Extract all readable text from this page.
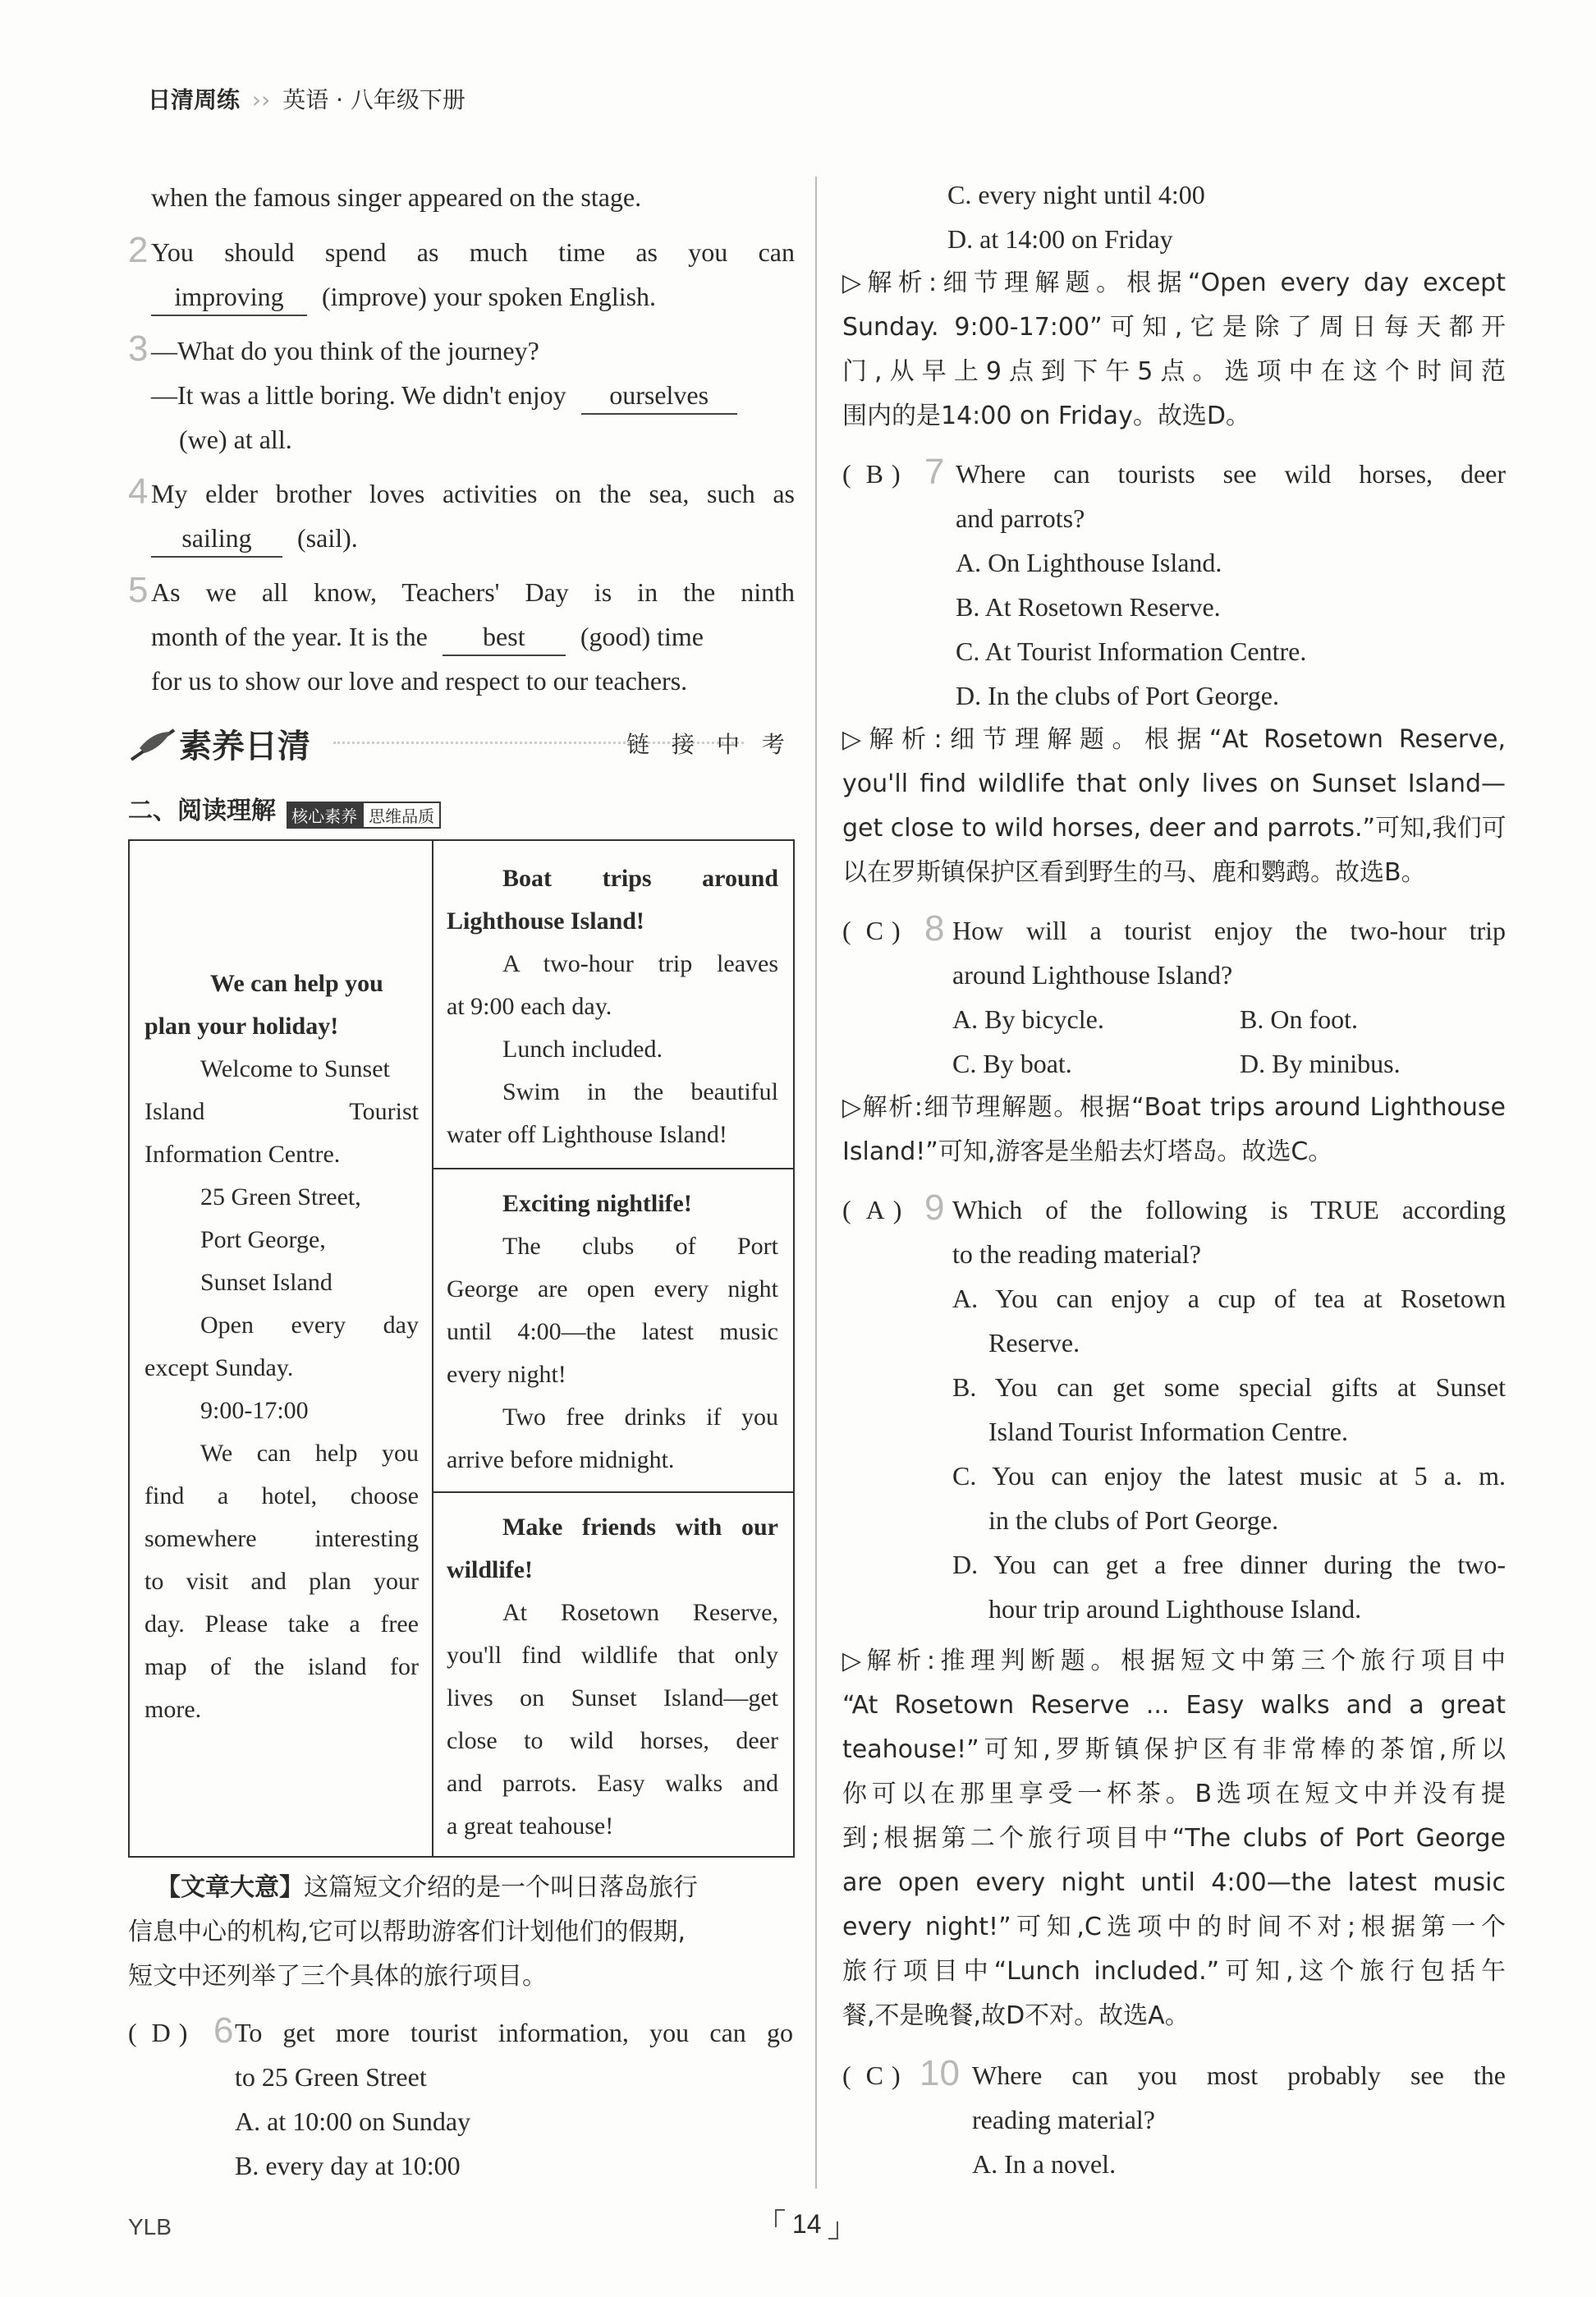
日清周练 ›› 英语 · 八年级下册
when the famous singer appeared on the stage.
2 You should spend as much time as you can
improving (improve) your spoken English.
3 —What do you think of the journey?
—It was a little boring. We didn't enjoy ourselves
(we) at all.
4 My elder brother loves activities on the sea, such as
sailing (sail).
5 As we all know, Teachers' Day is in the ninth
month of the year. It is the best (good) time
for us to show our love and respect to our teachers.
素养日清	链 接 中 考
二、阅读理解 核心素养 思维品质
We can help you
plan your holiday!
Welcome to Sunset
Island Tourist
Information Centre.
25 Green Street,
Port George,
Sunset Island
Open every day
except Sunday.
9:00-17:00
We can help you
find a hotel, choose
somewhere interesting
to visit and plan your
day. Please take a free
map of the island for
more.
Boat trips around
Lighthouse Island!
A two-hour trip leaves
at 9:00 each day.
Lunch included.
Swim in the beautiful
water off Lighthouse Island!
Exciting nightlife!
The clubs of Port
George are open every night
until 4:00—the latest music
every night!
Two free drinks if you
arrive before midnight.
Make friends with our
wildlife!
At Rosetown Reserve,
you'll find wildlife that only
lives on Sunset Island—get
close to wild horses, deer
and parrots. Easy walks and
a great teahouse!
【文章大意】这篇短文介绍的是一个叫日落岛旅行
信息中心的机构,它可以帮助游客们计划他们的假期,
短文中还列举了三个具体的旅行项目。
( D ) 6 To get more tourist information, you can go
to 25 Green Street
A. at 10:00 on Sunday
B. every day at 10:00
C. every night until 4:00
D. at 14:00 on Friday
▷解析:细节理解题。根据“Open every day except
Sunday. 9:00-17:00”可知,它是除了周日每天都开
门,从早上9点到下午5点。选项中在这个时间范
围内的是14:00 on Friday。故选D。
( B ) 7 Where can tourists see wild horses, deer
and parrots?
A. On Lighthouse Island.
B. At Rosetown Reserve.
C. At Tourist Information Centre.
D. In the clubs of Port George.
▷解析:细节理解题。根据“At Rosetown Reserve,
you'll find wildlife that only lives on Sunset Island—
get close to wild horses, deer and parrots.”可知,我们可
以在罗斯镇保护区看到野生的马、鹿和鹦鹉。故选B。
( C ) 8 How will a tourist enjoy the two-hour trip
around Lighthouse Island?
A. By bicycle.	B. On foot.
C. By boat.	D. By minibus.
▷解析:细节理解题。根据“Boat trips around Lighthouse
Island!”可知,游客是坐船去灯塔岛。故选C。
( A ) 9 Which of the following is TRUE according
to the reading material?
A. You can enjoy a cup of tea at Rosetown
Reserve.
B. You can get some special gifts at Sunset
Island Tourist Information Centre.
C. You can enjoy the latest music at 5 a. m.
in the clubs of Port George.
D. You can get a free dinner during the two-
hour trip around Lighthouse Island.
▷解析:推理判断题。根据短文中第三个旅行项目中
“At Rosetown Reserve ... Easy walks and a great
teahouse!”可知,罗斯镇保护区有非常棒的茶馆,所以
你可以在那里享受一杯茶。B选项在短文中并没有提
到;根据第二个旅行项目中“The clubs of Port George
are open every night until 4:00—the latest music
every night!”可知,C选项中的时间不对;根据第一个
旅行项目中“Lunch included.”可知,这个旅行包括午
餐,不是晚餐,故D不对。故选A。
( C ) 10 Where can you most probably see the
reading material?
A. In a novel.
YLB	14
